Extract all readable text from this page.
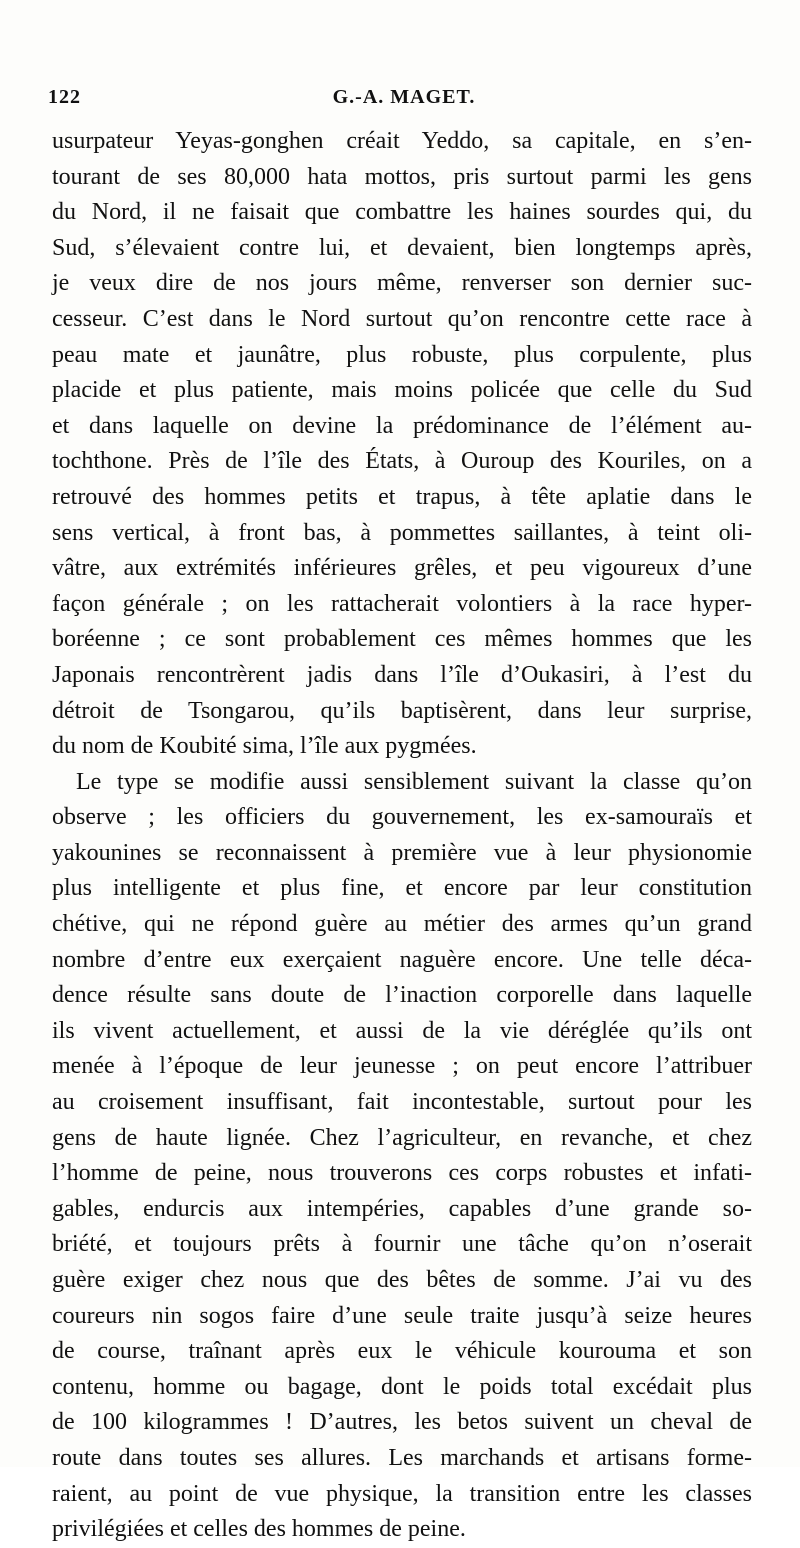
122	G.-A. MAGET.
usurpateur Yeyas-gonghen créait Yeddo, sa capitale, en s’en-
tourant de ses 80,000 hata mottos, pris surtout parmi les gens
du Nord, il ne faisait que combattre les haines sourdes qui, du
Sud, s’élevaient contre lui, et devaient, bien longtemps après,
je veux dire de nos jours même, renverser son dernier suc-
cesseur. C’est dans le Nord surtout qu’on rencontre cette race à
peau mate et jaunâtre, plus robuste, plus corpulente, plus
placide et plus patiente, mais moins policée que celle du Sud
et dans laquelle on devine la prédominance de l’élément au-
tochthone. Près de l’île des États, à Ouroup des Kouriles, on a
retrouvé des hommes petits et trapus, à tête aplatie dans le
sens vertical, à front bas, à pommettes saillantes, à teint oli-
vâtre, aux extrémités inférieures grêles, et peu vigoureux d’une
façon générale ; on les rattacherait volontiers à la race hyper-
boréenne ; ce sont probablement ces mêmes hommes que les
Japonais rencontrèrent jadis dans l’île d’Oukasiri, à l’est du
détroit de Tsongarou, qu’ils baptisèrent, dans leur surprise,
du nom de Koubité sima, l’île aux pygmées.
Le type se modifie aussi sensiblement suivant la classe qu’on
observe ; les officiers du gouvernement, les ex-samouraïs et
yakounines se reconnaissent à première vue à leur physionomie
plus intelligente et plus fine, et encore par leur constitution
chétive, qui ne répond guère au métier des armes qu’un grand
nombre d’entre eux exerçaient naguère encore. Une telle déca-
dence résulte sans doute de l’inaction corporelle dans laquelle
ils vivent actuellement, et aussi de la vie déréglée qu’ils ont
menée à l’époque de leur jeunesse ; on peut encore l’attribuer
au croisement insuffisant, fait incontestable, surtout pour les
gens de haute lignée. Chez l’agriculteur, en revanche, et chez
l’homme de peine, nous trouverons ces corps robustes et infati-
gables, endurcis aux intempéries, capables d’une grande so-
briété, et toujours prêts à fournir une tâche qu’on n’oserait
guère exiger chez nous que des bêtes de somme. J’ai vu des
coureurs nin sogos faire d’une seule traite jusqu’à seize heures
de course, traînant après eux le véhicule kourouma et son
contenu, homme ou bagage, dont le poids total excédait plus
de 100 kilogrammes ! D’autres, les betos suivent un cheval de
route dans toutes ses allures. Les marchands et artisans forme-
raient, au point de vue physique, la transition entre les classes
privilégiées et celles des hommes de peine.
